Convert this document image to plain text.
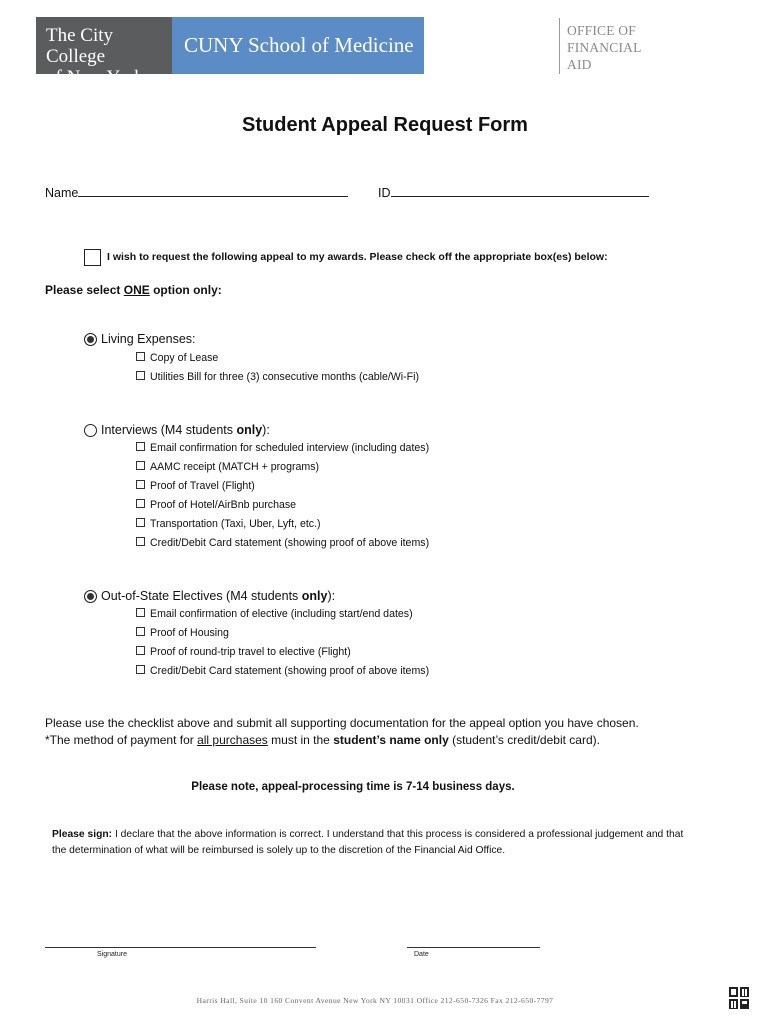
The City College
of New York
CUNY School of Medicine
OFFICE OF
FINANCIAL
AID
Student Appeal Request Form
Name	ID
I wish to request the following appeal to my awards. Please check off the appropriate box(es) below:
Please select ONE option only:
Living Expenses:
Copy of Lease
Utilities Bill for three (3) consecutive months (cable/Wi-Fi)
Interviews (M4 students only):
Email confirmation for scheduled interview (including dates)
AAMC receipt (MATCH + programs)
Proof of Travel (Flight)
Proof of Hotel/AirBnb purchase
Transportation (Taxi, Uber, Lyft, etc.)
Credit/Debit Card statement (showing proof of above items)
Out-of-State Electives (M4 students only):
Email confirmation of elective (including start/end dates)
Proof of Housing
Proof of round-trip travel to elective (Flight)
Credit/Debit Card statement (showing proof of above items)
Please use the checklist above and submit all supporting documentation for the appeal option you have chosen.
*The method of payment for all purchases must in the student’s name only (student’s credit/debit card).
Please note, appeal-processing time is 7-14 business days.
Please sign: I declare that the above information is correct. I understand that this process is considered a professional judgement and that the determination of what will be reimbursed is solely up to the discretion of the Financial Aid Office.
Signature	Date
Harris Hall, Suite 10 160 Convent Avenue New York NY 10031 Office 212-650-7326 Fax 212-650-7797
